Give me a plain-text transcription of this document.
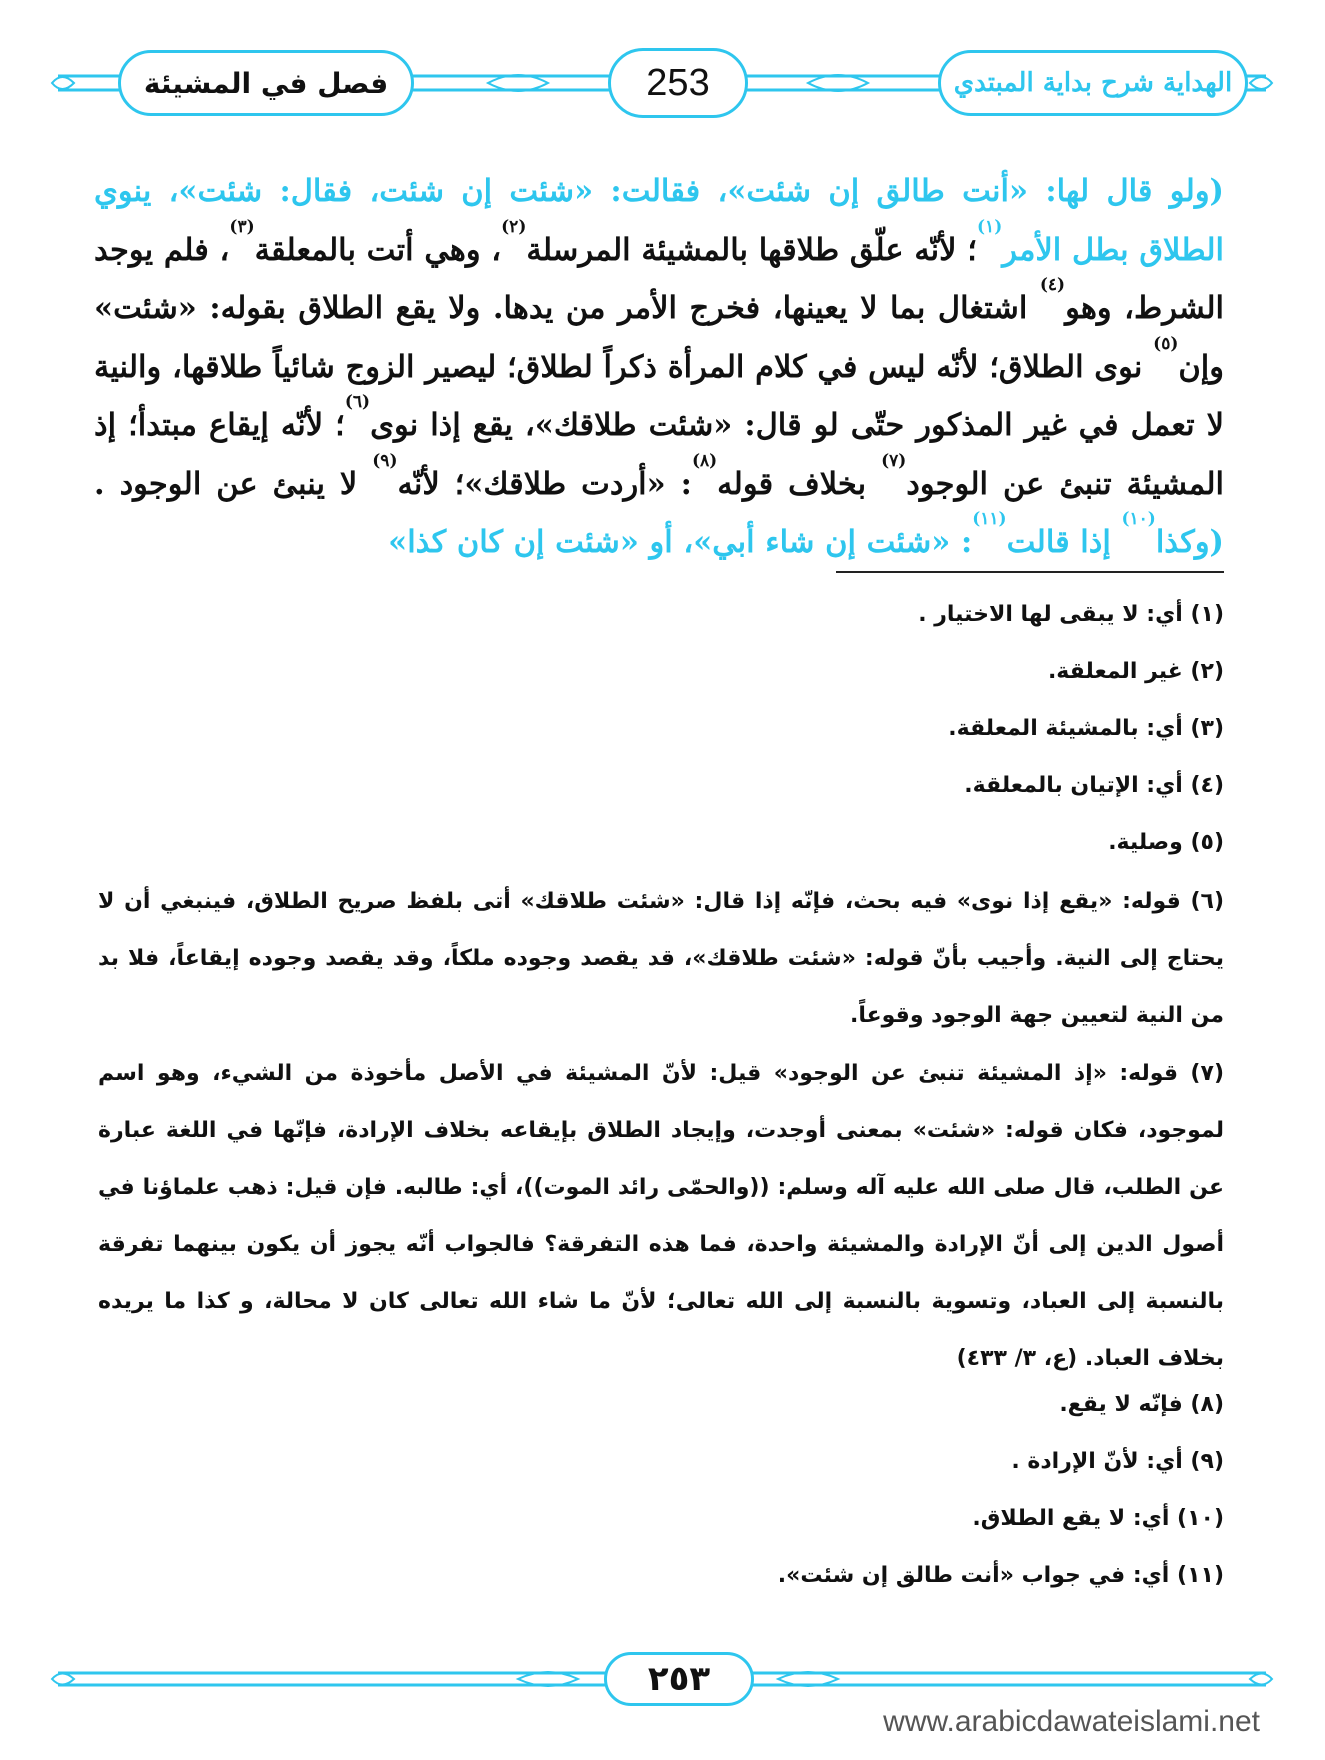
فصل في المشيئة	253	الهداية شرح بداية المبتدي
(ولو قال لها: «أنت طالق إن شئت»، فقالت: «شئت إن شئت، فقال: شئت»، ينوي الطلاق بطل الأمر$^{(١)}$؛ لأنّه علّق طلاقها بالمشيئة المرسلة$^{(٢)}$، وهي أتت بالمعلقة$^{(٣)}$، فلم يوجد الشرط، وهو$^{(٤)}$ اشتغال بما لا يعينها، فخرج الأمر من يدها. ولا يقع الطلاق بقوله: «شئت» وإن$^{(٥)}$ نوى الطلاق؛ لأنّه ليس في كلام المرأة ذكراً لطلاق؛ ليصير الزوج شائياً طلاقها، والنية لا تعمل في غير المذكور حتّى لو قال: «شئت طلاقك»، يقع إذا نوى$^{(٦)}$؛ لأنّه إيقاع مبتدأ؛ إذ المشيئة تنبئ عن الوجود$^{(٧)}$ بخلاف قوله$^{(٨)}$: «أردت طلاقك»؛ لأنّه$^{(٩)}$ لا ينبئ عن الوجود . (وكذا$^{(١٠)}$ إذا قالت$^{(١١)}$: «شئت إن شاء أبي»، أو «شئت إن كان كذا»
(١) أي: لا يبقى لها الاختيار .
(٢) غير المعلقة.
(٣) أي: بالمشيئة المعلقة.
(٤) أي: الإتيان بالمعلقة.
(٥) وصلية.
(٦) قوله: «يقع إذا نوى» فيه بحث، فإنّه إذا قال: «شئت طلاقك» أتى بلفظ صريح الطلاق، فينبغي أن لا يحتاج إلى النية. وأجيب بأنّ قوله: «شئت طلاقك»، قد يقصد وجوده ملكاً، وقد يقصد وجوده إيقاعاً، فلا بد من النية لتعيين جهة الوجود وقوعاً.
(٧) قوله: «إذ المشيئة تنبئ عن الوجود» قيل: لأنّ المشيئة في الأصل مأخوذة من الشيء، وهو اسم لموجود، فكان قوله: «شئت» بمعنى أوجدت، وإيجاد الطلاق بإيقاعه بخلاف الإرادة، فإنّها في اللغة عبارة عن الطلب، قال صلى الله عليه آله وسلم: ((والحمّى رائد الموت))، أي: طالبه. فإن قيل: ذهب علماؤنا في أصول الدين إلى أنّ الإرادة والمشيئة واحدة، فما هذه التفرقة؟ فالجواب أنّه يجوز أن يكون بينهما تفرقة بالنسبة إلى العباد، وتسوية بالنسبة إلى الله تعالى؛ لأنّ ما شاء الله تعالى كان لا محالة، و كذا ما يريده بخلاف العباد. (ع، ٣/ ٤٣٣)
(٨) فإنّه لا يقع.
(٩) أي: لأنّ الإرادة .
(١٠) أي: لا يقع الطلاق.
(١١) أي: في جواب «أنت طالق إن شئت».
٢٥٣
www.arabicdawateislami.net
